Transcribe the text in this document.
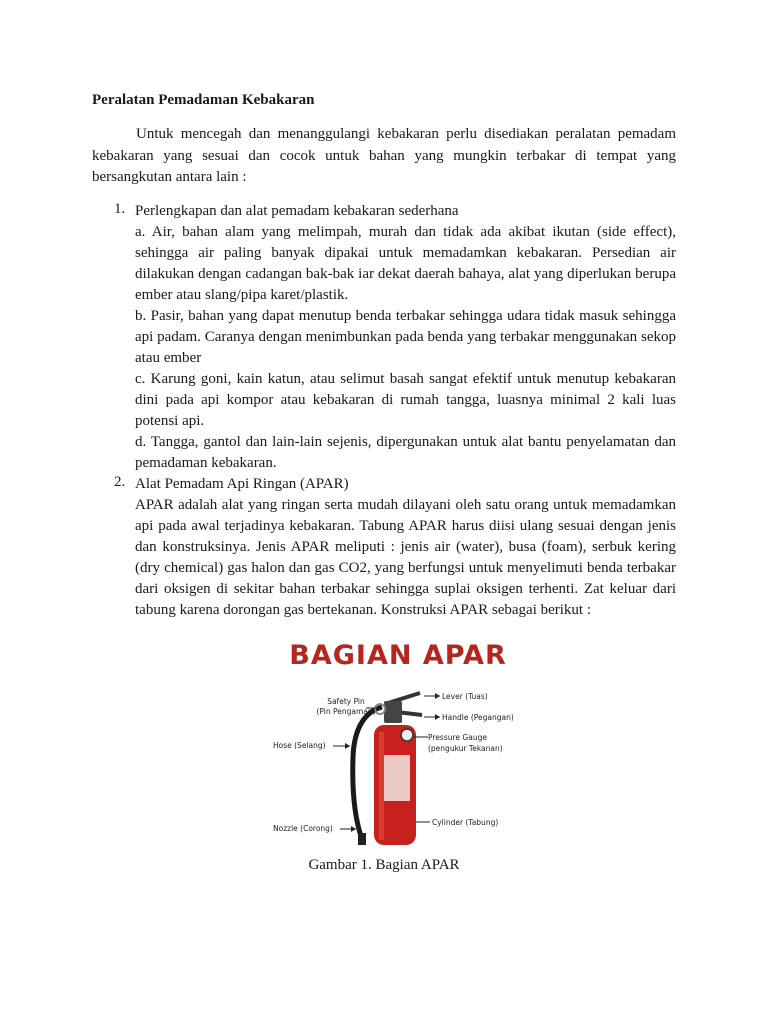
Peralatan Pemadaman Kebakaran

Untuk mencegah dan menanggulangi kebakaran perlu disediakan peralatan pemadam kebakaran yang sesuai dan cocok untuk bahan yang mungkin terbakar di tempat yang bersangkutan antara lain :

1. Perlengkapan dan alat pemadam kebakaran sederhana

a. Air, bahan alam yang melimpah, murah dan tidak ada akibat ikutan (side effect), sehingga air paling banyak dipakai untuk memadamkan kebakaran. Persedian air dilakukan dengan cadangan bak-bak iar dekat daerah bahaya, alat yang diperlukan berupa ember atau slang/pipa karet/plastik.

b. Pasir, bahan yang dapat menutup benda terbakar sehingga udara tidak masuk sehingga api padam. Caranya dengan menimbunkan pada benda yang terbakar menggunakan sekop atau ember

c. Karung goni, kain katun, atau selimut basah sangat efektif untuk menutup kebakaran dini pada api kompor atau kebakaran di rumah tangga, luasnya minimal 2 kali luas potensi api.

d. Tangga, gantol dan lain-lain sejenis, dipergunakan untuk alat bantu penyelamatan dan pemadaman kebakaran.

2. Alat Pemadam Api Ringan (APAR)

APAR adalah alat yang ringan serta mudah dilayani oleh satu orang untuk memadamkan api pada awal terjadinya kebakaran. Tabung APAR harus diisi ulang sesuai dengan jenis dan konstruksinya. Jenis APAR meliputi : jenis air (water), busa (foam), serbuk kering (dry chemical) gas halon dan gas CO2, yang berfungsi untuk menyelimuti benda terbakar dari oksigen di sekitar bahan terbakar sehingga suplai oksigen terhenti. Zat keluar dari tabung karena dorongan gas bertekanan. Konstruksi APAR sebagai berikut :

BAGIAN APAR
Safety Pin
(Pin Pengaman)
Hose (Selang)
Nozzle (Corong)
Lever (Tuas)
Handle (Pegangan)
Pressure Gauge
(pengukur Tekanan)
Cylinder (Tabung)
Gambar 1. Bagian APAR
